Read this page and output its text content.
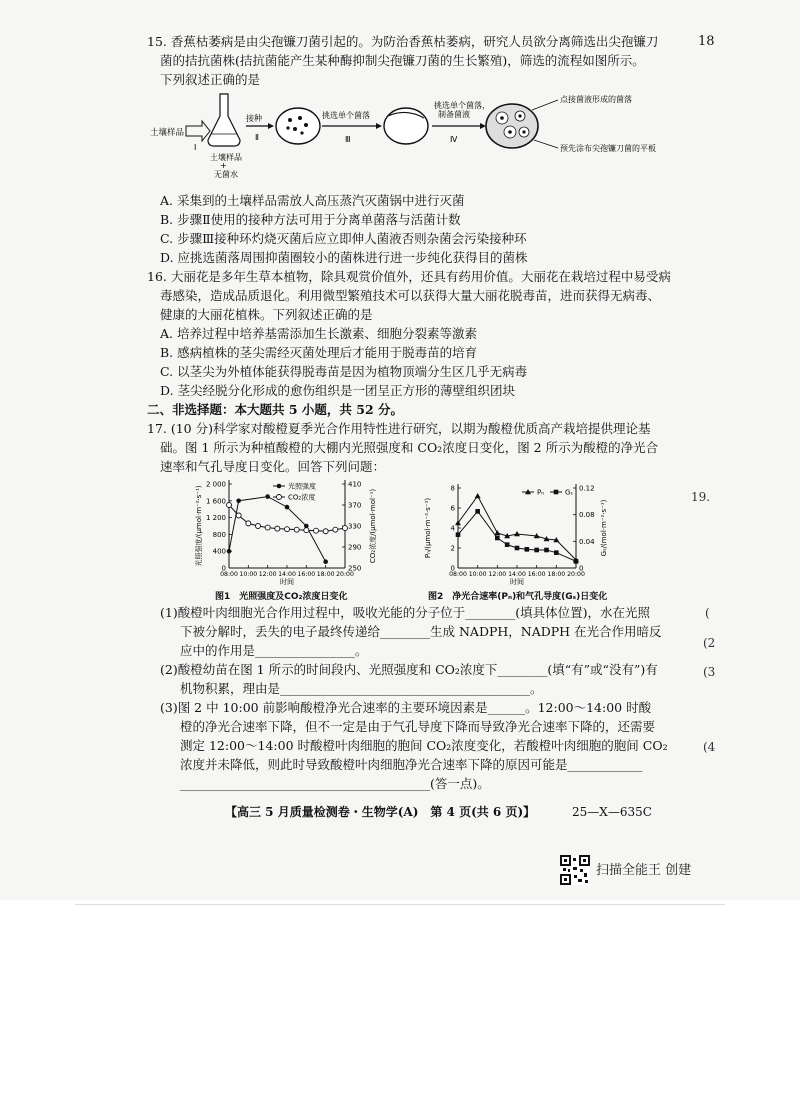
18
15. 香蕉枯萎病是由尖孢镰刀菌引起的。为防治香蕉枯萎病，研究人员欲分离筛选出尖孢镰刀
菌的拮抗菌株(拮抗菌能产生某种酶抑制尖孢镰刀菌的生长繁殖)，筛选的流程如图所示。
下列叙述正确的是
土壤样品
Ⅰ
土壤样品
+
无菌水
接种
Ⅱ
挑选单个菌落
Ⅲ
挑选单个菌落，
制备菌液
Ⅳ
点接菌液形成的菌落
预先涂布尖孢镰刀菌的平板
A. 采集到的土壤样品需放人高压蒸汽灭菌锅中进行灭菌
B. 步骤Ⅱ使用的接种方法可用于分离单菌落与活菌计数
C. 步骤Ⅲ接种环灼烧灭菌后应立即伸人菌液否则杂菌会污染接种环
D. 应挑选菌落周围抑菌圈较小的菌株进行进一步纯化获得目的菌株
16. 大丽花是多年生草本植物，除具观赏价值外，还具有药用价值。大丽花在栽培过程中易受病
毒感染，造成品质退化。利用微型繁殖技术可以获得大量大丽花脱毒苗，进而获得无病毒、
健康的大丽花植株。下列叙述正确的是
A. 培养过程中培养基需添加生长激素、细胞分裂素等激素
B. 感病植株的茎尖需经灭菌处理后才能用于脱毒苗的培育
C. 以茎尖为外植体能获得脱毒苗是因为植物顶端分生区几乎无病毒
D. 茎尖经脱分化形成的愈伤组织是一团呈正方形的薄壁组织团块
二、非选择题：本大题共 5 小题，共 52 分。
17. (10 分)科学家对酸橙夏季光合作用特性进行研究，以期为酸橙优质高产栽培提供理论基
础。图 1 所示为种植酸橙的大棚内光照强度和 CO₂浓度日变化，图 2 所示为酸橙的净光合
速率和气孔导度日变化。回答下列问题：
0
400
800
1 200
1 600
2 000
250
290
330
370
410
08:00 10:00 12:00 14:00 16:00 18:00 20:00
时间
光照强度/(μmol·m⁻²·s⁻¹)	CO₂浓度/(μmol·mol⁻¹)
光照强度
CO₂浓度
图1　光照强度及CO₂浓度日变化
0
2
4
6
8
0
0.04
0.08
0.12
08:00 10:00 12:00 14:00 16:00 18:00 20:00
时间
Pₙ/(μmol·m⁻²·s⁻¹)	Gₛ/(mol·m⁻²·s⁻¹)
Pₙ	Gₛ
图2　净光合速率(Pₙ)和气孔导度(Gₛ)日变化
(1)酸橙叶肉细胞光合作用过程中，吸收光能的分子位于________(填具体位置)，水在光照
下被分解时，丢失的电子最终传递给________生成 NADPH，NADPH 在光合作用暗反
应中的作用是________________。
(2)酸橙幼苗在图 1 所示的时间段内、光照强度和 CO₂浓度下________(填“有”或“没有”)有
机物积累，理由是________________________________________。
(3)图 2 中 10:00 前影响酸橙净光合速率的主要环境因素是______。12:00～14:00 时酸
橙的净光合速率下降，但不一定是由于气孔导度下降而导致净光合速率下降的，还需要
测定 12:00～14:00 时酸橙叶肉细胞的胞间 CO₂浓度变化，若酸橙叶肉细胞的胞间 CO₂
浓度并未降低，则此时导致酸橙叶肉细胞净光合速率下降的原因可能是____________
________________________________________(答一点)。
【高三 5 月质量检测卷・生物学(A)　第 4 页(共 6 页)】	25—X—635C
19.
(
(2
(3
(4
扫描全能王 创建
